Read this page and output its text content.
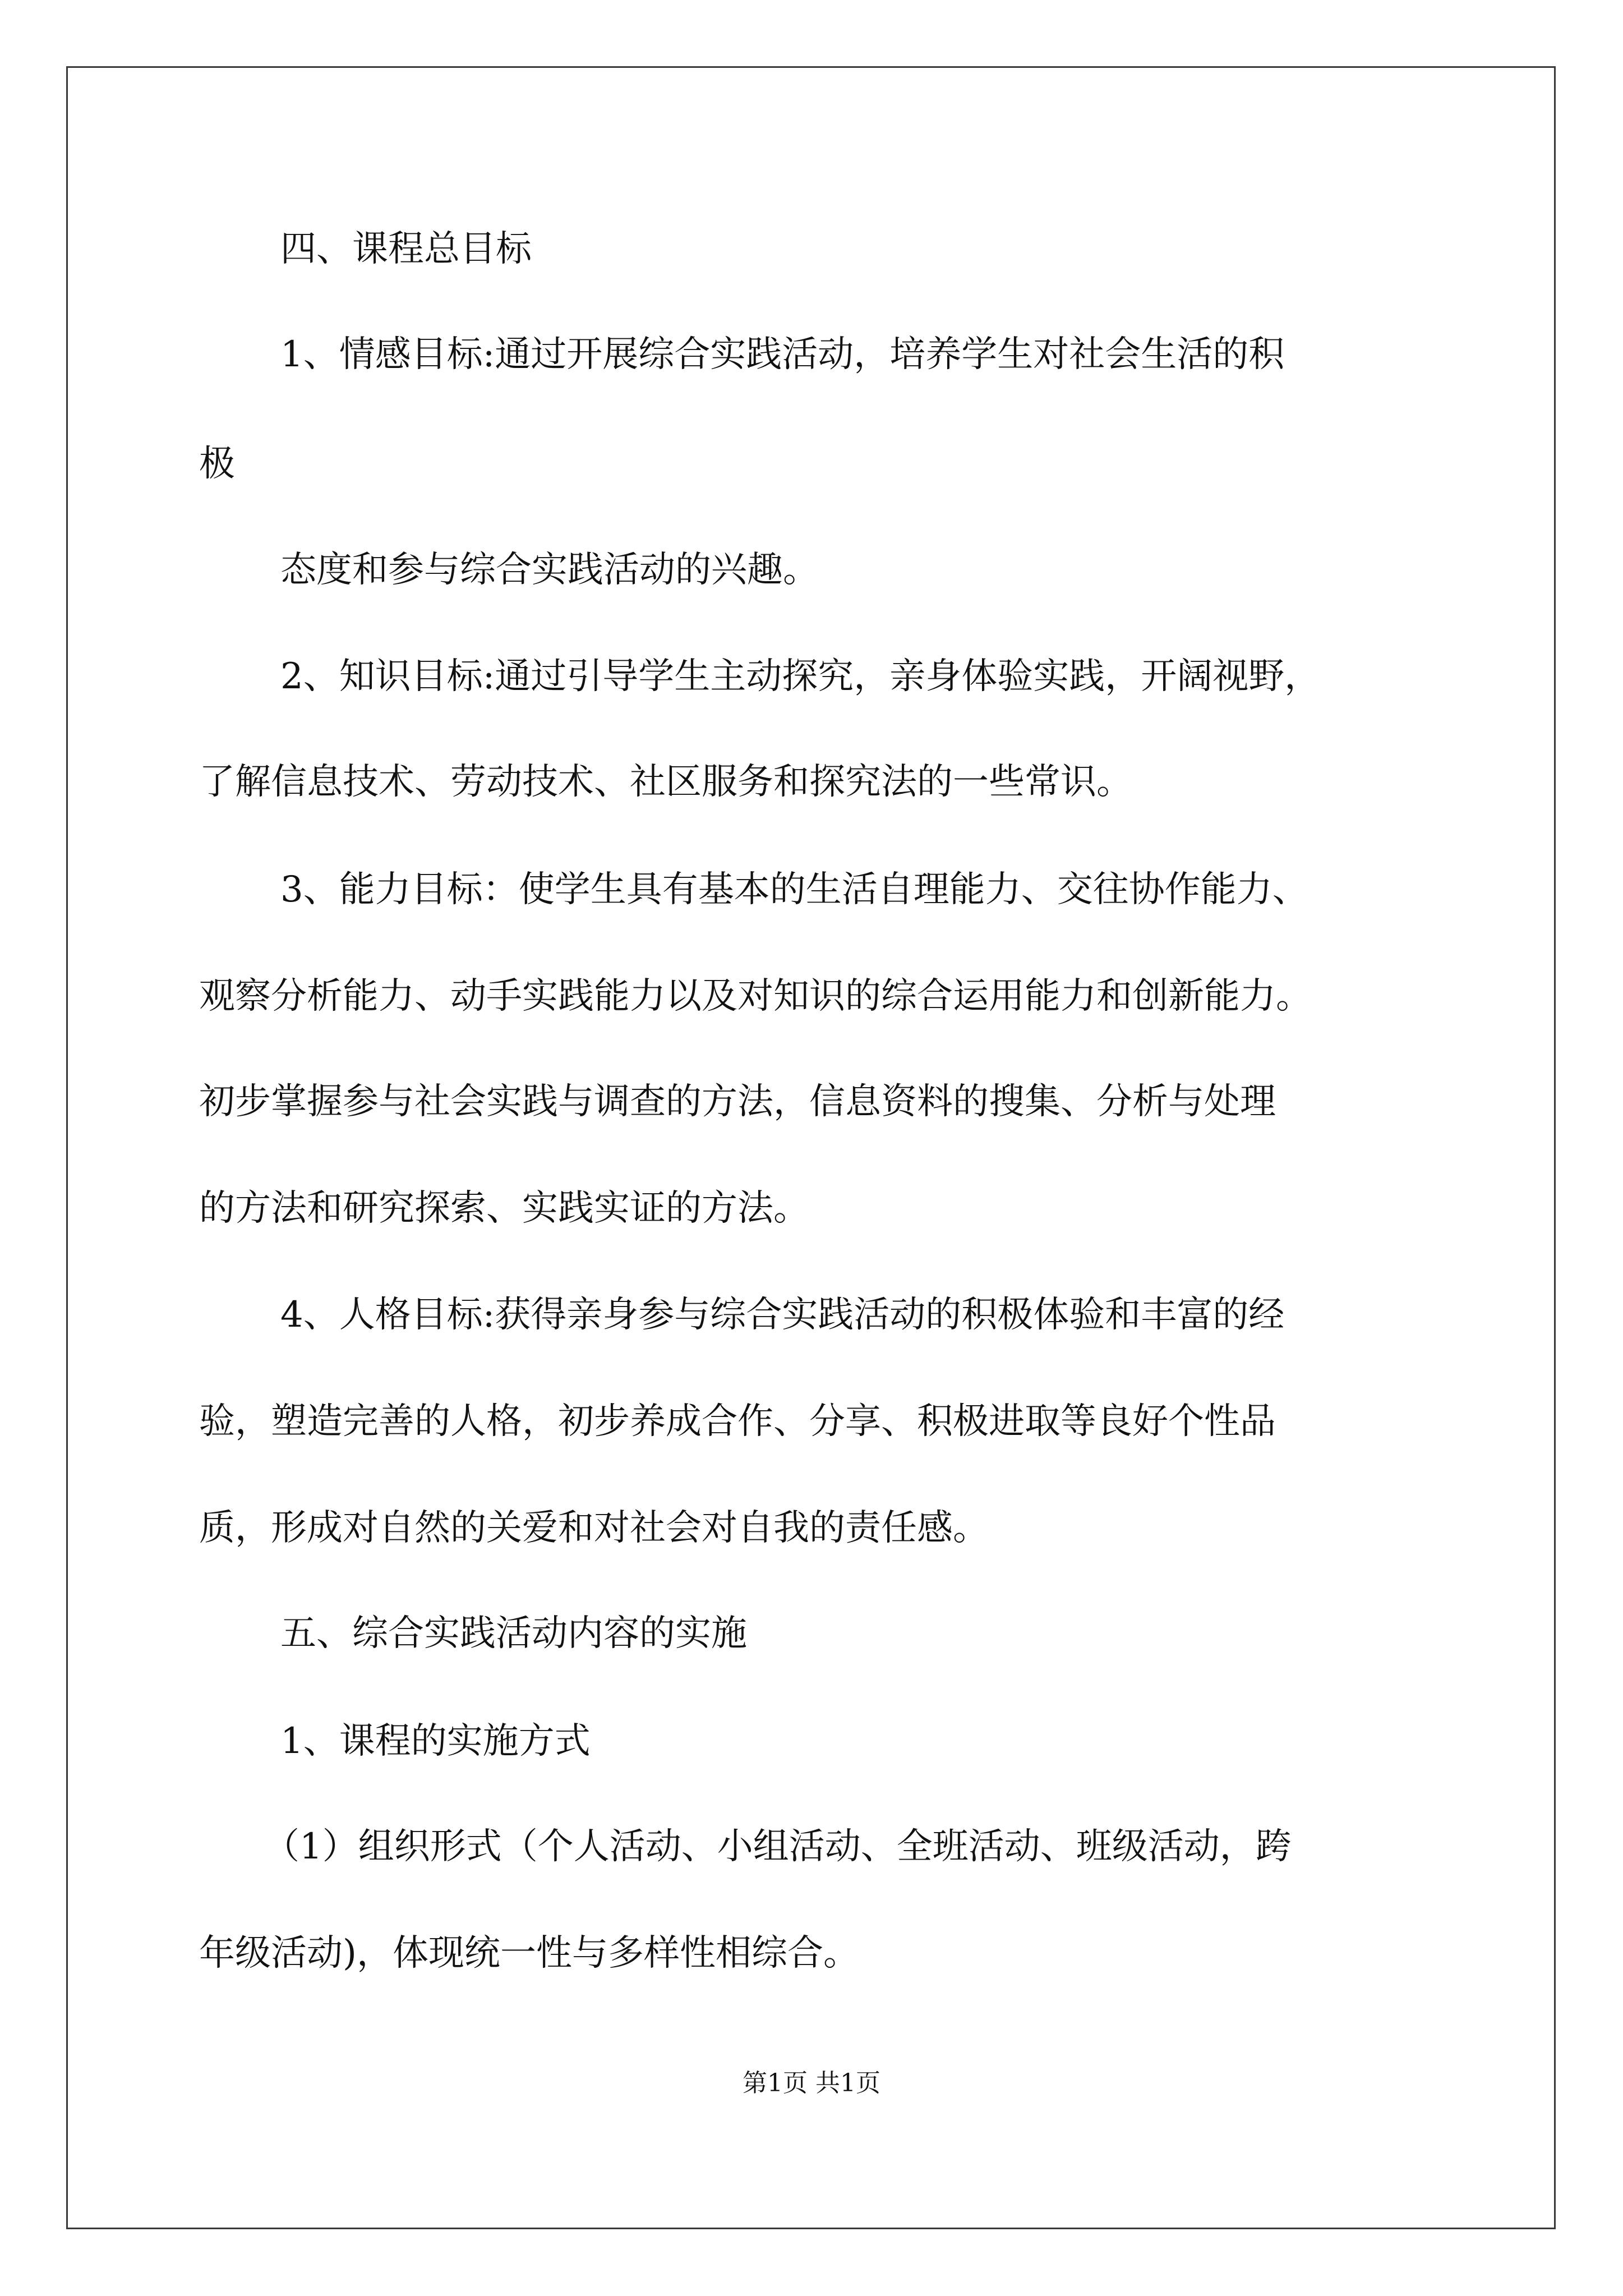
四、课程总目标
1、情感目标:通过开展综合实践活动，培养学生对社会生活的积
极
态度和参与综合实践活动的兴趣。
2、知识目标:通过引导学生主动探究，亲身体验实践，开阔视野，
了解信息技术、劳动技术、社区服务和探究法的一些常识。
3、能力目标：使学生具有基本的生活自理能力、交往协作能力、
观察分析能力、动手实践能力以及对知识的综合运用能力和创新能力。
初步掌握参与社会实践与调查的方法，信息资料的搜集、分析与处理
的方法和研究探索、实践实证的方法。
4、人格目标:获得亲身参与综合实践活动的积极体验和丰富的经
验，塑造完善的人格，初步养成合作、分享、积极进取等良好个性品
质，形成对自然的关爱和对社会对自我的责任感。
五、综合实践活动内容的实施
1、课程的实施方式
（1）组织形式（个人活动、小组活动、全班活动、班级活动，跨
年级活动)，体现统一性与多样性相综合。
第1页 共1页
